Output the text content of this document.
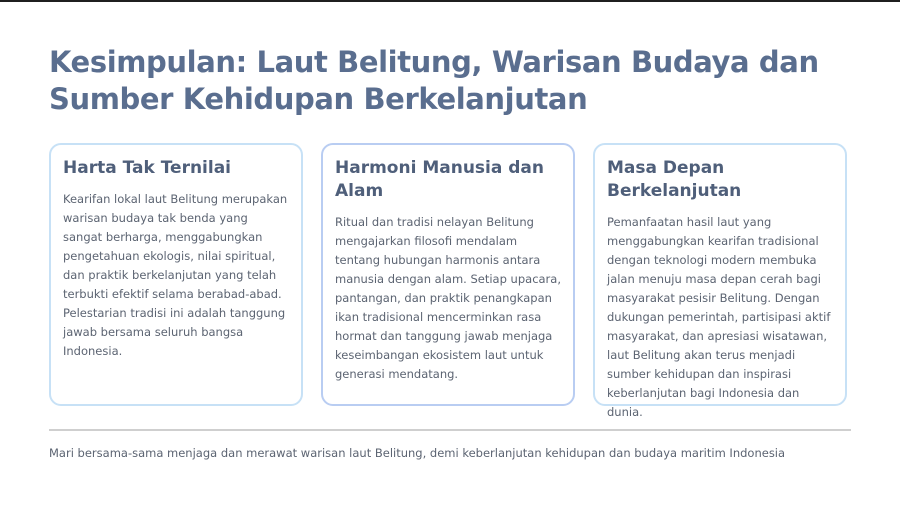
Kesimpulan: Laut Belitung, Warisan Budaya dan Sumber Kehidupan Berkelanjutan
Harta Tak Ternilai

Kearifan lokal laut Belitung merupakan warisan budaya tak benda yang sangat berharga, menggabungkan pengetahuan ekologis, nilai spiritual, dan praktik berkelanjutan yang telah terbukti efektif selama berabad-abad. Pelestarian tradisi ini adalah tanggung jawab bersama seluruh bangsa Indonesia.

Harmoni Manusia dan Alam

Ritual dan tradisi nelayan Belitung mengajarkan filosofi mendalam tentang hubungan harmonis antara manusia dengan alam. Setiap upacara, pantangan, dan praktik penangkapan ikan tradisional mencerminkan rasa hormat dan tanggung jawab menjaga keseimbangan ekosistem laut untuk generasi mendatang.

Masa Depan Berkelanjutan

Pemanfaatan hasil laut yang menggabungkan kearifan tradisional dengan teknologi modern membuka jalan menuju masa depan cerah bagi masyarakat pesisir Belitung. Dengan dukungan pemerintah, partisipasi aktif masyarakat, dan apresiasi wisatawan, laut Belitung akan terus menjadi sumber kehidupan dan inspirasi keberlanjutan bagi Indonesia dan dunia.

Mari bersama-sama menjaga dan merawat warisan laut Belitung, demi keberlanjutan kehidupan dan budaya maritim Indonesia
